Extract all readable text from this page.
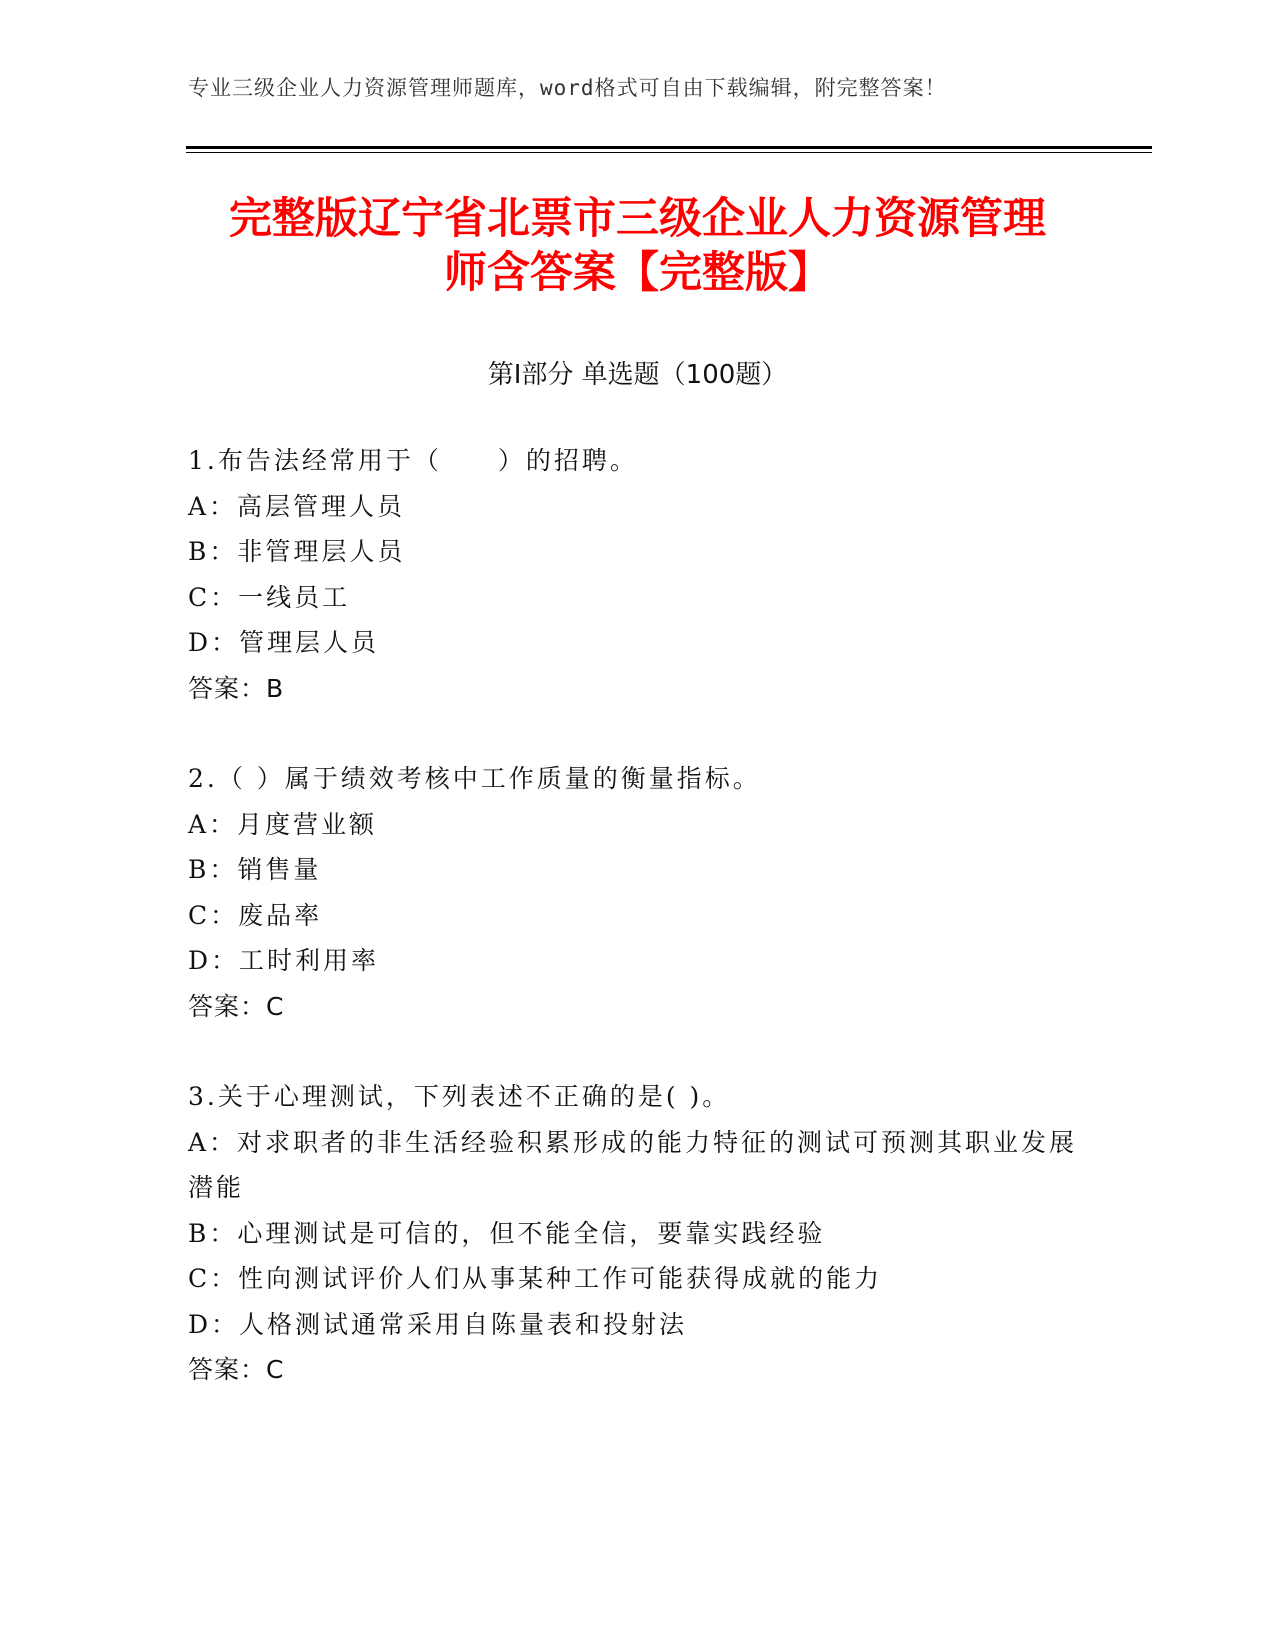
专业三级企业人力资源管理师题库，word格式可自由下载编辑，附完整答案！
完整版辽宁省北票市三级企业人力资源管理
师含答案【完整版】
第Ⅰ部分 单选题（100题）
1.布告法经常用于（　　）的招聘。
A：高层管理人员
B：非管理层人员
C：一线员工
D：管理层人员
答案：B
2.（ ）属于绩效考核中工作质量的衡量指标。
A：月度营业额
B：销售量
C：废品率
D：工时利用率
答案：C
3.关于心理测试，下列表述不正确的是( )。
A：对求职者的非生活经验积累形成的能力特征的测试可预测其职业发展潜能
B：心理测试是可信的，但不能全信，要靠实践经验
C：性向测试评价人们从事某种工作可能获得成就的能力
D：人格测试通常采用自陈量表和投射法
答案：C
